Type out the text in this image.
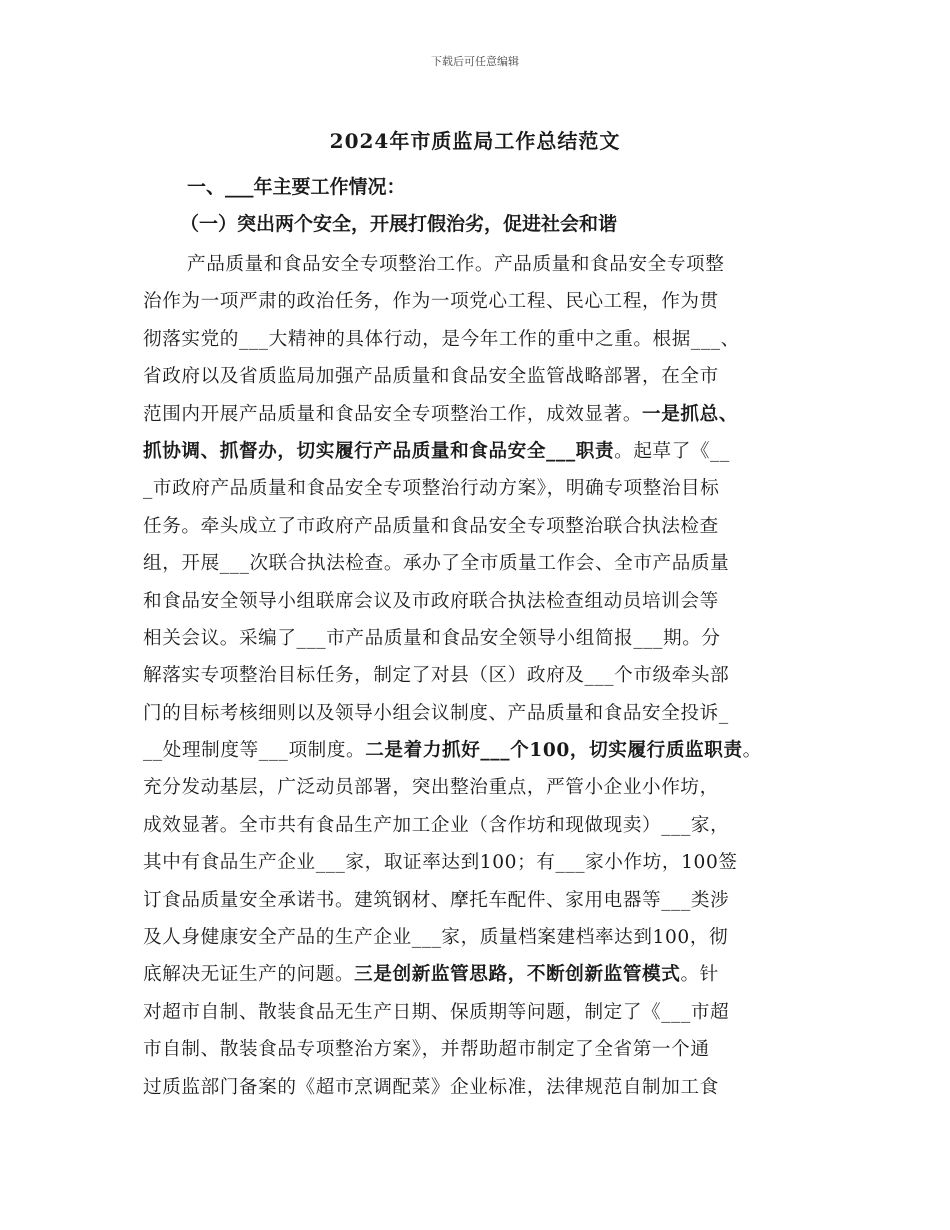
下载后可任意编辑
2024年市质监局工作总结范文
一、___年主要工作情况：
（一）突出两个安全，开展打假治劣，促进社会和谐
产品质量和食品安全专项整治工作。产品质量和食品安全专项整
治作为一项严肃的政治任务，作为一项党心工程、民心工程，作为贯
彻落实党的___大精神的具体行动，是今年工作的重中之重。根据___、
省政府以及省质监局加强产品质量和食品安全监管战略部署，在全市
范围内开展产品质量和食品安全专项整治工作，成效显著。一是抓总、
抓协调、抓督办，切实履行产品质量和食品安全___职责。起草了《__
_市政府产品质量和食品安全专项整治行动方案》，明确专项整治目标
任务。牵头成立了市政府产品质量和食品安全专项整治联合执法检查
组，开展___次联合执法检查。承办了全市质量工作会、全市产品质量
和食品安全领导小组联席会议及市政府联合执法检查组动员培训会等
相关会议。采编了___市产品质量和食品安全领导小组简报___期。分
解落实专项整治目标任务，制定了对县（区）政府及___个市级牵头部
门的目标考核细则以及领导小组会议制度、产品质量和食品安全投诉_
__处理制度等___项制度。二是着力抓好___个100，切实履行质监职责。
充分发动基层，广泛动员部署，突出整治重点，严管小企业小作坊，
成效显著。全市共有食品生产加工企业（含作坊和现做现卖）___家，
其中有食品生产企业___家，取证率达到100；有___家小作坊，100签
订食品质量安全承诺书。建筑钢材、摩托车配件、家用电器等___类涉
及人身健康安全产品的生产企业___家，质量档案建档率达到100，彻
底解决无证生产的问题。三是创新监管思路，不断创新监管模式。针
对超市自制、散装食品无生产日期、保质期等问题，制定了《___市超
市自制、散装食品专项整治方案》，并帮助超市制定了全省第一个通
过质监部门备案的《超市烹调配菜》企业标准，法律规范自制加工食
